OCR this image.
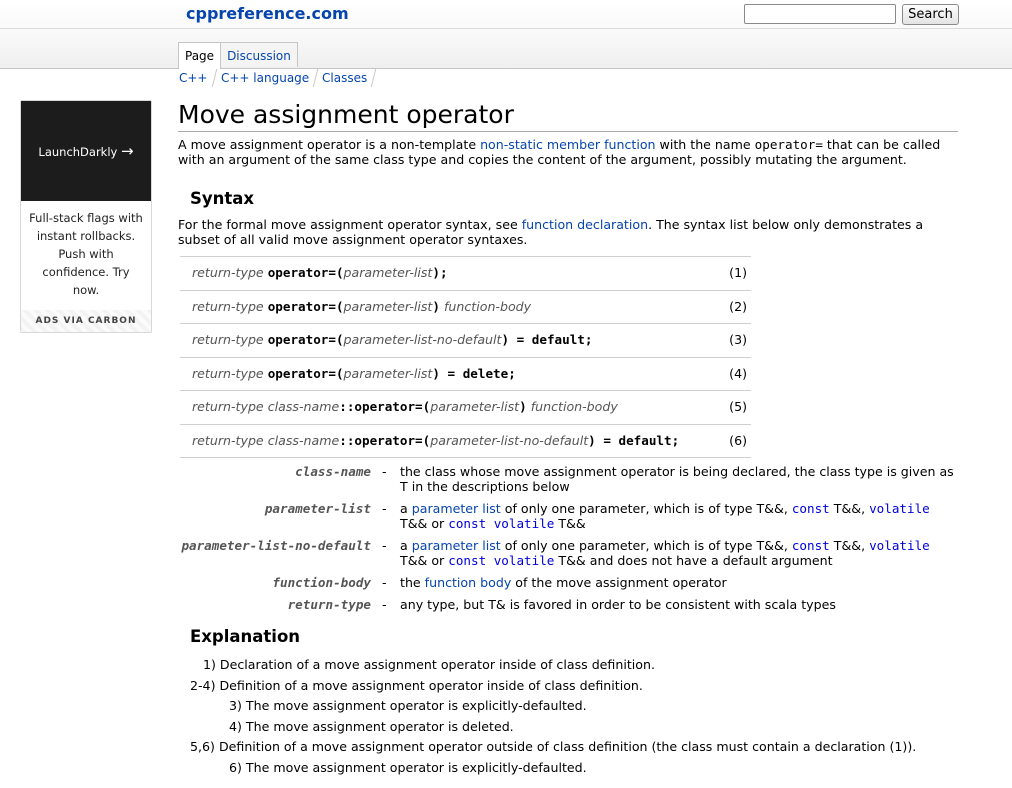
cppreference.com	Search
Page	Discussion
C++	C++ language	Classes
LaunchDarkly →
Full-stack flags with instant rollbacks. Push with confidence. Try now.
ADS VIA CARBON
Move assignment operator
A move assignment operator is a non-template non-static member function with the name operator= that can be called with an argument of the same class type and copies the content of the argument, possibly mutating the argument.
Syntax
For the formal move assignment operator syntax, see function declaration. The syntax list below only demonstrates a subset of all valid move assignment operator syntaxes.
return-type operator=(parameter-list);	(1)
return-type operator=(parameter-list) function-body	(2)
return-type operator=(parameter-list-no-default) = default;	(3)
return-type operator=(parameter-list) = delete;	(4)
return-type class-name::operator=(parameter-list) function-body	(5)
return-type class-name::operator=(parameter-list-no-default) = default;	(6)
class-name - the class whose move assignment operator is being declared, the class type is given as T in the descriptions below
parameter-list - a parameter list of only one parameter, which is of type T&&, const T&&, volatile T&& or const volatile T&&
parameter-list-no-default - a parameter list of only one parameter, which is of type T&&, const T&&, volatile T&& or const volatile T&& and does not have a default argument
function-body - the function body of the move assignment operator
return-type - any type, but T& is favored in order to be consistent with scala types
Explanation
1) Declaration of a move assignment operator inside of class definition.
2-4) Definition of a move assignment operator inside of class definition.
3) The move assignment operator is explicitly-defaulted.
4) The move assignment operator is deleted.
5,6) Definition of a move assignment operator outside of class definition (the class must contain a declaration (1)).
6) The move assignment operator is explicitly-defaulted.
